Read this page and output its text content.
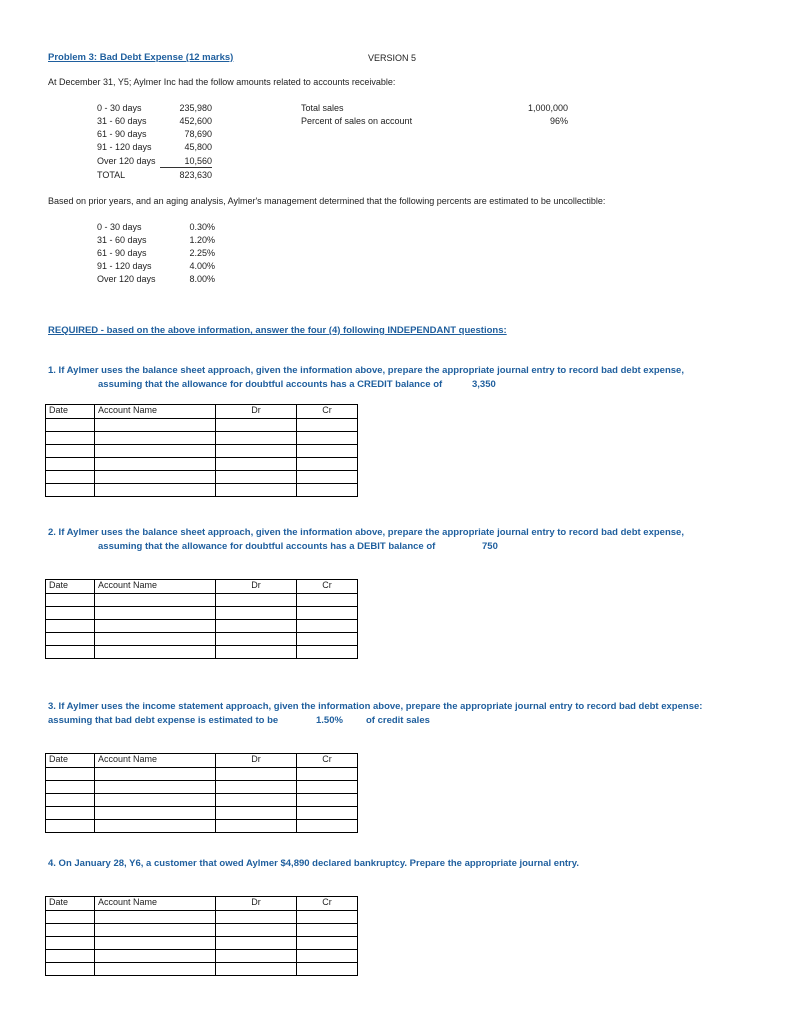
Problem 3: Bad Debt Expense (12 marks)	VERSION 5
At December 31, Y5; Aylmer Inc had the follow amounts related to accounts receivable:
0 - 30 days	235,980
31 - 60 days	452,600
61 - 90 days	78,690
91 - 120 days	45,800
Over 120 days	10,560
TOTAL	823,630
Total sales	1,000,000
Percent of sales on account	96%
Based on prior years, and an aging analysis, Aylmer's management determined that the following percents are estimated to be uncollectible:
0 - 30 days	0.30%
31 - 60 days	1.20%
61 - 90 days	2.25%
91 - 120 days	4.00%
Over 120 days	8.00%
REQUIRED - based on the above information, answer the four (4) following INDEPENDANT questions:
1. If Aylmer uses the balance sheet approach, given the information above, prepare the appropriate journal entry to record bad debt expense,
assuming that the allowance for doubtful accounts has a CREDIT balance of	3,350
Date	Account Name	Dr	Cr

2. If Aylmer uses the balance sheet approach, given the information above, prepare the appropriate journal entry to record bad debt expense,
assuming that the allowance for doubtful accounts has a DEBIT balance of	750
Date	Account Name	Dr	Cr

3. If Aylmer uses the income statement approach, given the information above, prepare the appropriate journal entry to record bad debt expense:
assuming that bad debt expense is estimated to be	1.50% of credit sales
Date	Account Name	Dr	Cr

4. On January 28, Y6, a customer that owed Aylmer $4,890 declared bankruptcy. Prepare the appropriate journal entry.
Date	Account Name	Dr	Cr
